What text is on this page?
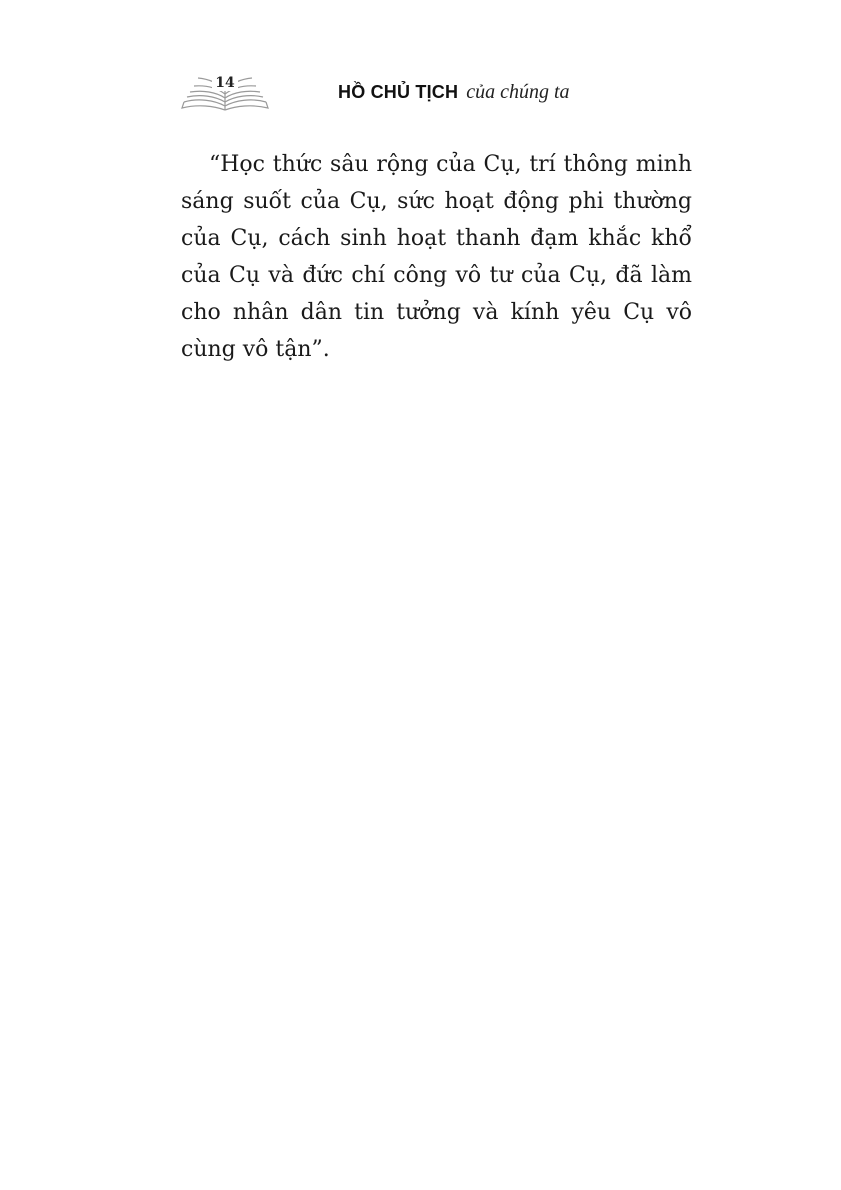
14	HỒ CHỦ TỊCH của chúng ta
“Học thức sâu rộng của Cụ, trí thông minh
sáng suốt của Cụ, sức hoạt động phi thường
của Cụ, cách sinh hoạt thanh đạm khắc khổ
của Cụ và đức chí công vô tư của Cụ, đã làm
cho nhân dân tin tưởng và kính yêu Cụ vô
cùng vô tận”.
